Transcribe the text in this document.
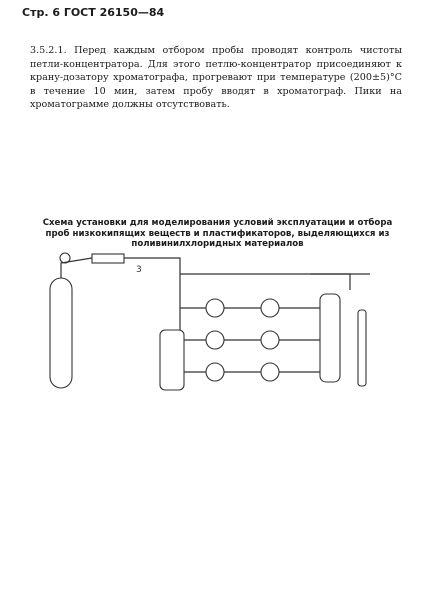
Стр. 6 ГОСТ 26150—84
3.5.2.1. Перед каждым отбором пробы проводят контроль чистоты петли-концентратора. Для этого петлю-концентратор присоединяют к крану-дозатору хроматографа, прогревают при температуре (200±5)°С в течение 10 мин, затем пробу вводят в хроматограф. Пики на хроматограмме должны отсутствовать.
Схема установки для моделирования условий эксплуатации и отбора проб низкокипящих веществ и пластификаторов, выделяющихся из поливинилхлоридных материалов
3
